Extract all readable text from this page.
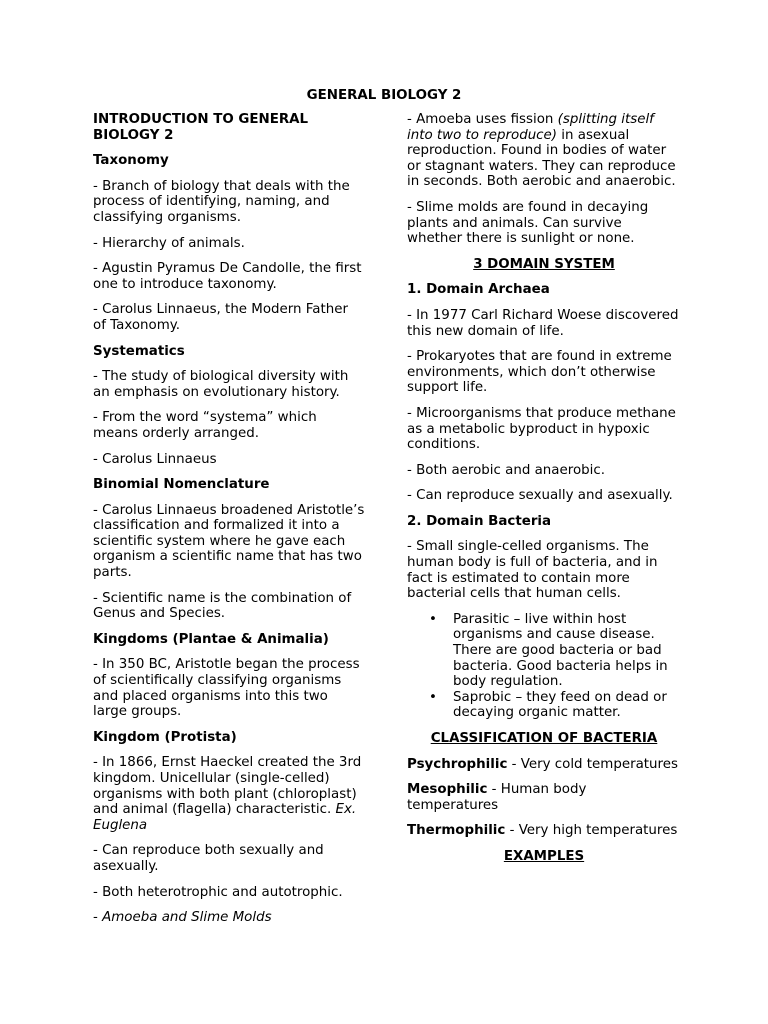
GENERAL BIOLOGY 2

INTRODUCTION TO GENERAL BIOLOGY 2

Taxonomy

- Branch of biology that deals with the process of identifying, naming, and classifying organisms.

- Hierarchy of animals.

- Agustin Pyramus De Candolle, the first one to introduce taxonomy.

- Carolus Linnaeus, the Modern Father of Taxonomy.

Systematics

- The study of biological diversity with an emphasis on evolutionary history.

- From the word “systema” which means orderly arranged.

- Carolus Linnaeus

Binomial Nomenclature

- Carolus Linnaeus broadened Aristotle’s classification and formalized it into a scientific system where he gave each organism a scientific name that has two parts.

- Scientific name is the combination of Genus and Species.

Kingdoms (Plantae & Animalia)

- In 350 BC, Aristotle began the process of scientifically classifying organisms and placed organisms into this two large groups.

Kingdom (Protista)

- In 1866, Ernst Haeckel created the 3rd kingdom. Unicellular (single-celled) organisms with both plant (chloroplast) and animal (flagella) characteristic. Ex. Euglena

- Can reproduce both sexually and asexually.

- Both heterotrophic and autotrophic.

- Amoeba and Slime Molds

- Amoeba uses fission (splitting itself into two to reproduce) in asexual reproduction. Found in bodies of water or stagnant waters. They can reproduce in seconds. Both aerobic and anaerobic.

- Slime molds are found in decaying plants and animals. Can survive whether there is sunlight or none.

3 DOMAIN SYSTEM

1. Domain Archaea

- In 1977 Carl Richard Woese discovered this new domain of life.

- Prokaryotes that are found in extreme environments, which don’t otherwise support life.

- Microorganisms that produce methane as a metabolic byproduct in hypoxic conditions.

- Both aerobic and anaerobic.

- Can reproduce sexually and asexually.

2. Domain Bacteria

- Small single-celled organisms. The human body is full of bacteria, and in fact is estimated to contain more bacterial cells that human cells.

• Parasitic – live within host organisms and cause disease. There are good bacteria or bad bacteria. Good bacteria helps in body regulation.
• Saprobic – they feed on dead or decaying organic matter.

CLASSIFICATION OF BACTERIA

Psychrophilic - Very cold temperatures

Mesophilic - Human body temperatures

Thermophilic - Very high temperatures

EXAMPLES
